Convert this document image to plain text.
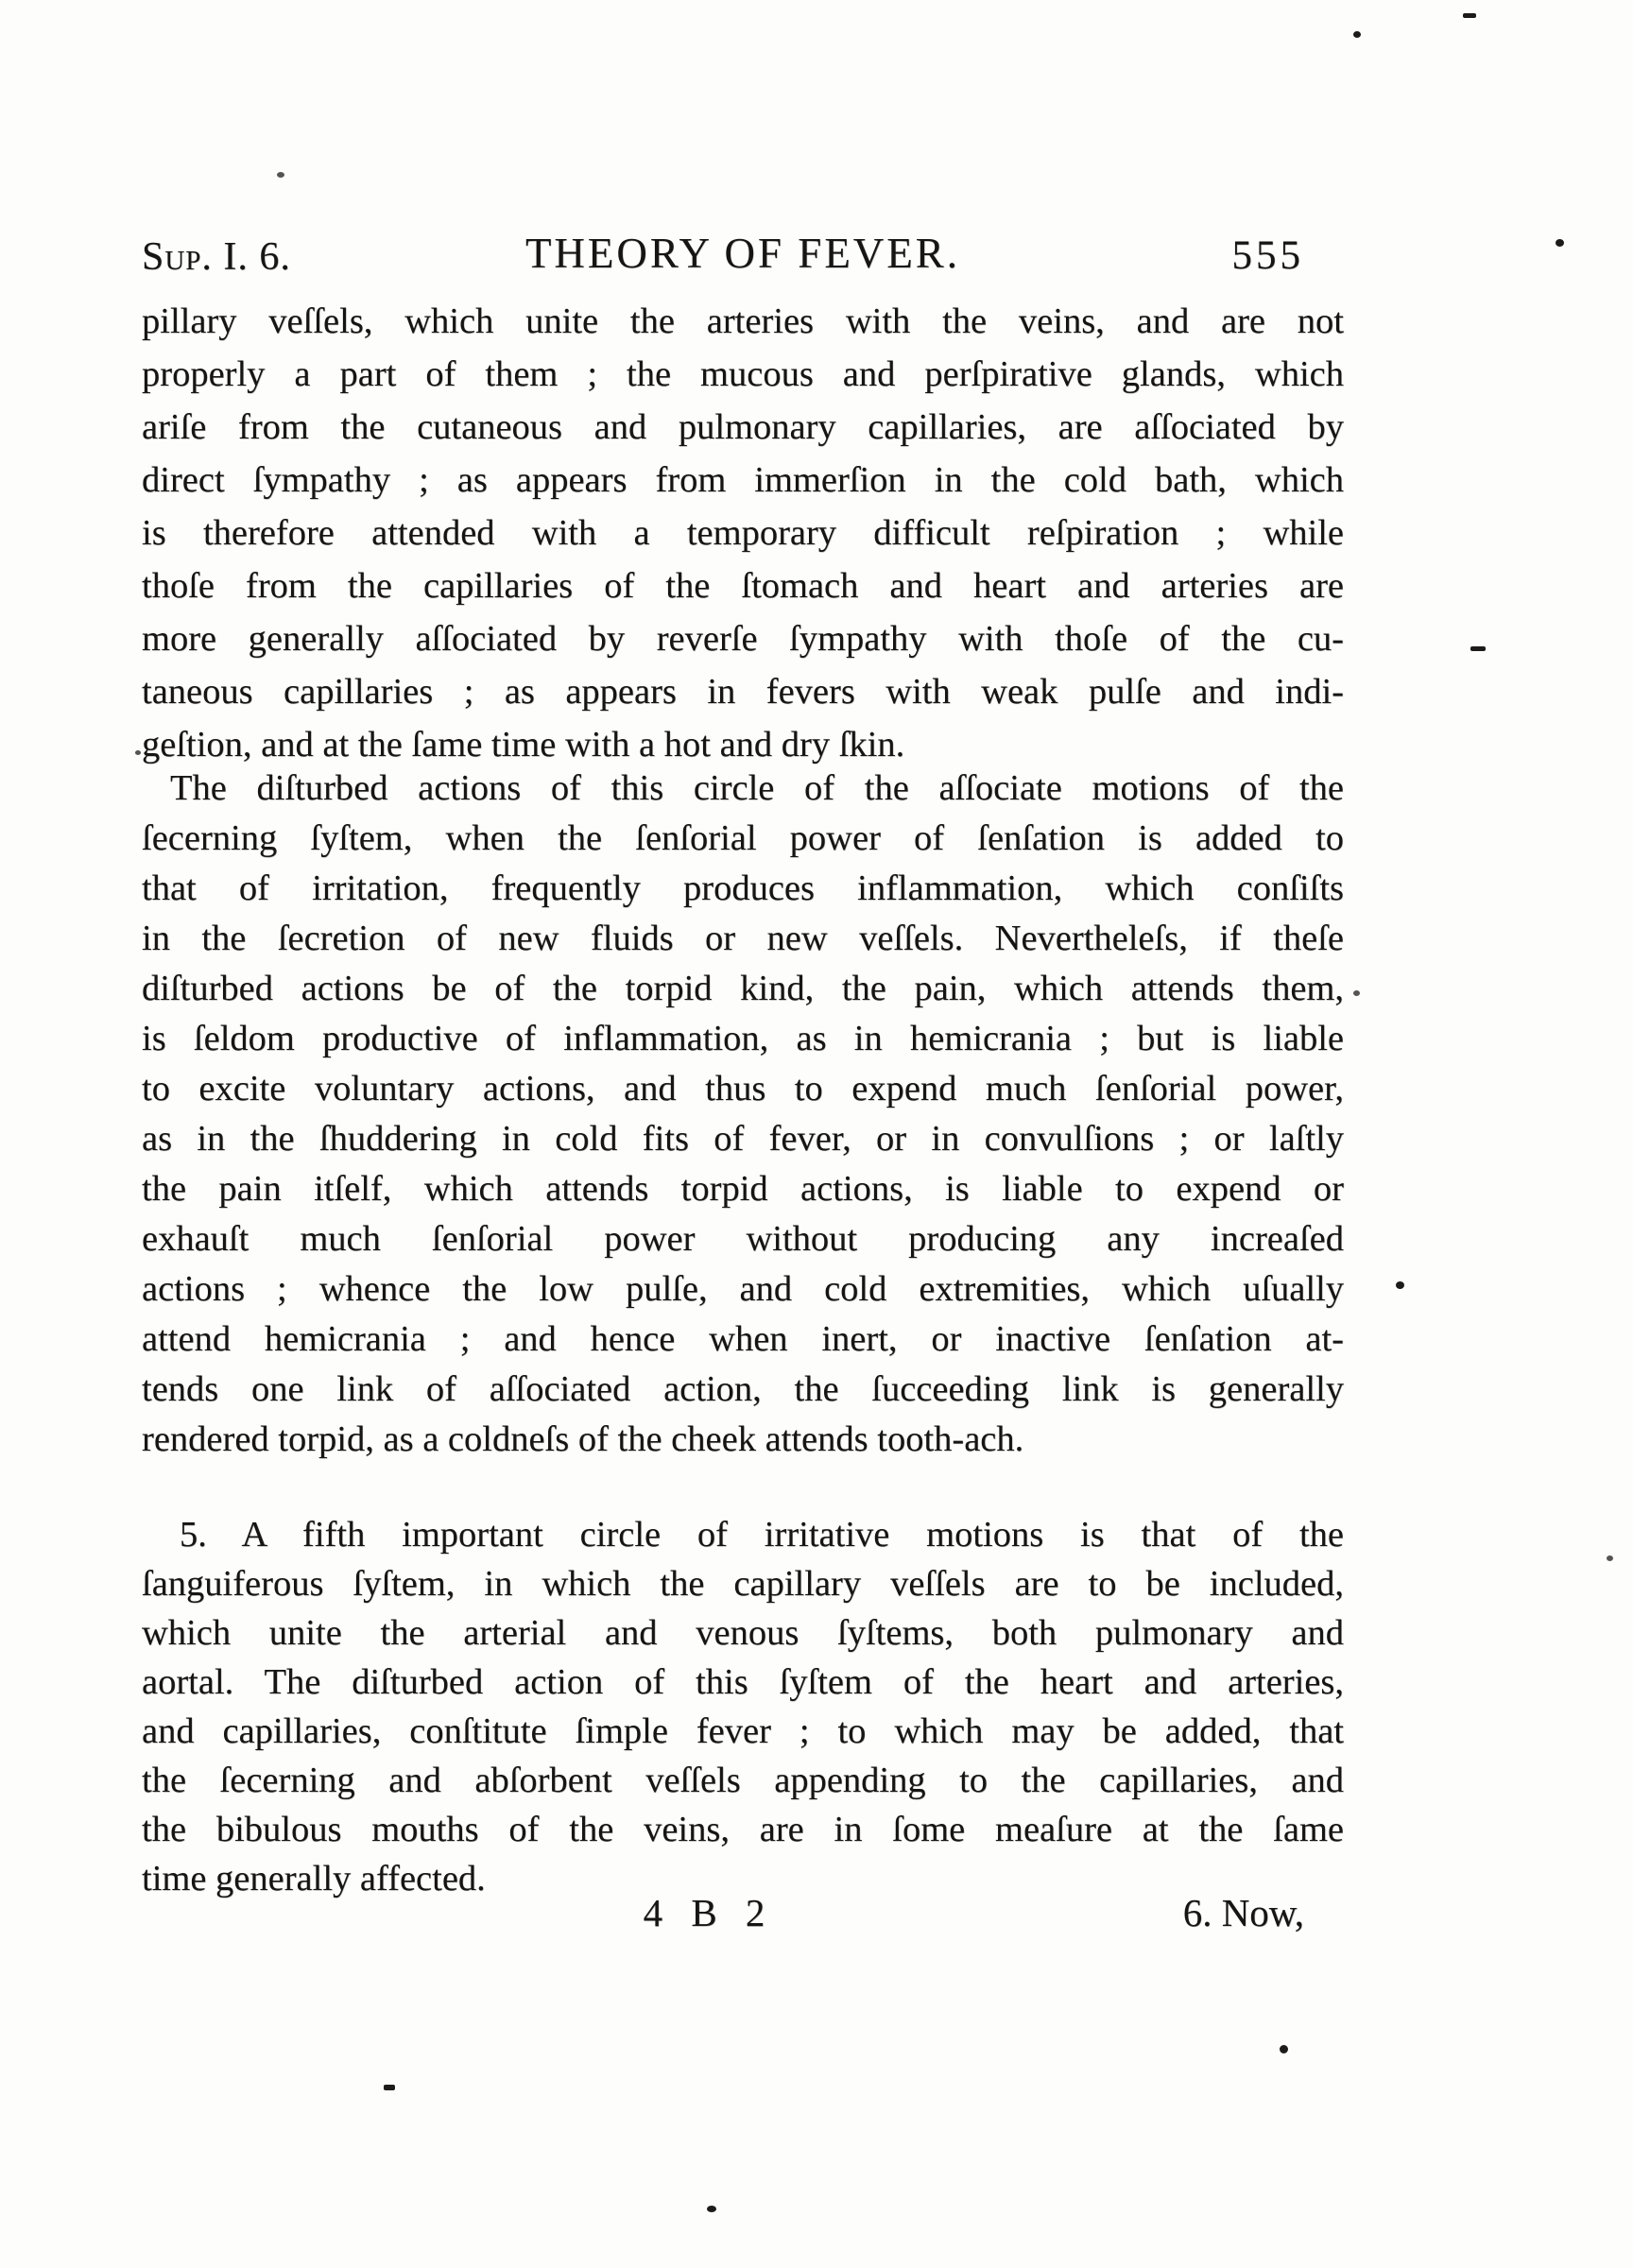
Sup. I. 6.	THEORY OF FEVER.	555
pillary veſſels, which unite the arteries with the veins, and are not
properly a part of them ; the mucous and perſpirative glands, which
ariſe from the cutaneous and pulmonary capillaries, are aſſociated by
direct ſympathy ; as appears from immerſion in the cold bath, which
is therefore attended with a temporary difficult reſpiration ; while
thoſe from the capillaries of the ſtomach and heart and arteries are
more generally aſſociated by reverſe ſympathy with thoſe of the cu-
taneous capillaries ; as appears in fevers with weak pulſe and indi-
geſtion, and at the ſame time with a hot and dry ſkin.
The diſturbed actions of this circle of the aſſociate motions of the
ſecerning ſyſtem, when the ſenſorial power of ſenſation is added to
that of irritation, frequently produces inflammation, which conſiſts
in the ſecretion of new fluids or new veſſels. Nevertheleſs, if theſe
diſturbed actions be of the torpid kind, the pain, which attends them,
is ſeldom productive of inflammation, as in hemicrania ; but is liable
to excite voluntary actions, and thus to expend much ſenſorial power,
as in the ſhuddering in cold fits of fever, or in convulſions ; or laſtly
the pain itſelf, which attends torpid actions, is liable to expend or
exhauſt much ſenſorial power without producing any increaſed
actions ; whence the low pulſe, and cold extremities, which uſually
attend hemicrania ; and hence when inert, or inactive ſenſation at-
tends one link of aſſociated action, the ſucceeding link is generally
rendered torpid, as a coldneſs of the cheek attends tooth-ach.
5. A fifth important circle of irritative motions is that of the
ſanguiferous ſyſtem, in which the capillary veſſels are to be included,
which unite the arterial and venous ſyſtems, both pulmonary and
aortal. The diſturbed action of this ſyſtem of the heart and arteries,
and capillaries, conſtitute ſimple fever ; to which may be added, that
the ſecerning and abſorbent veſſels appending to the capillaries, and
the bibulous mouths of the veins, are in ſome meaſure at the ſame
time generally affected.
4 B 2	6. Now,
